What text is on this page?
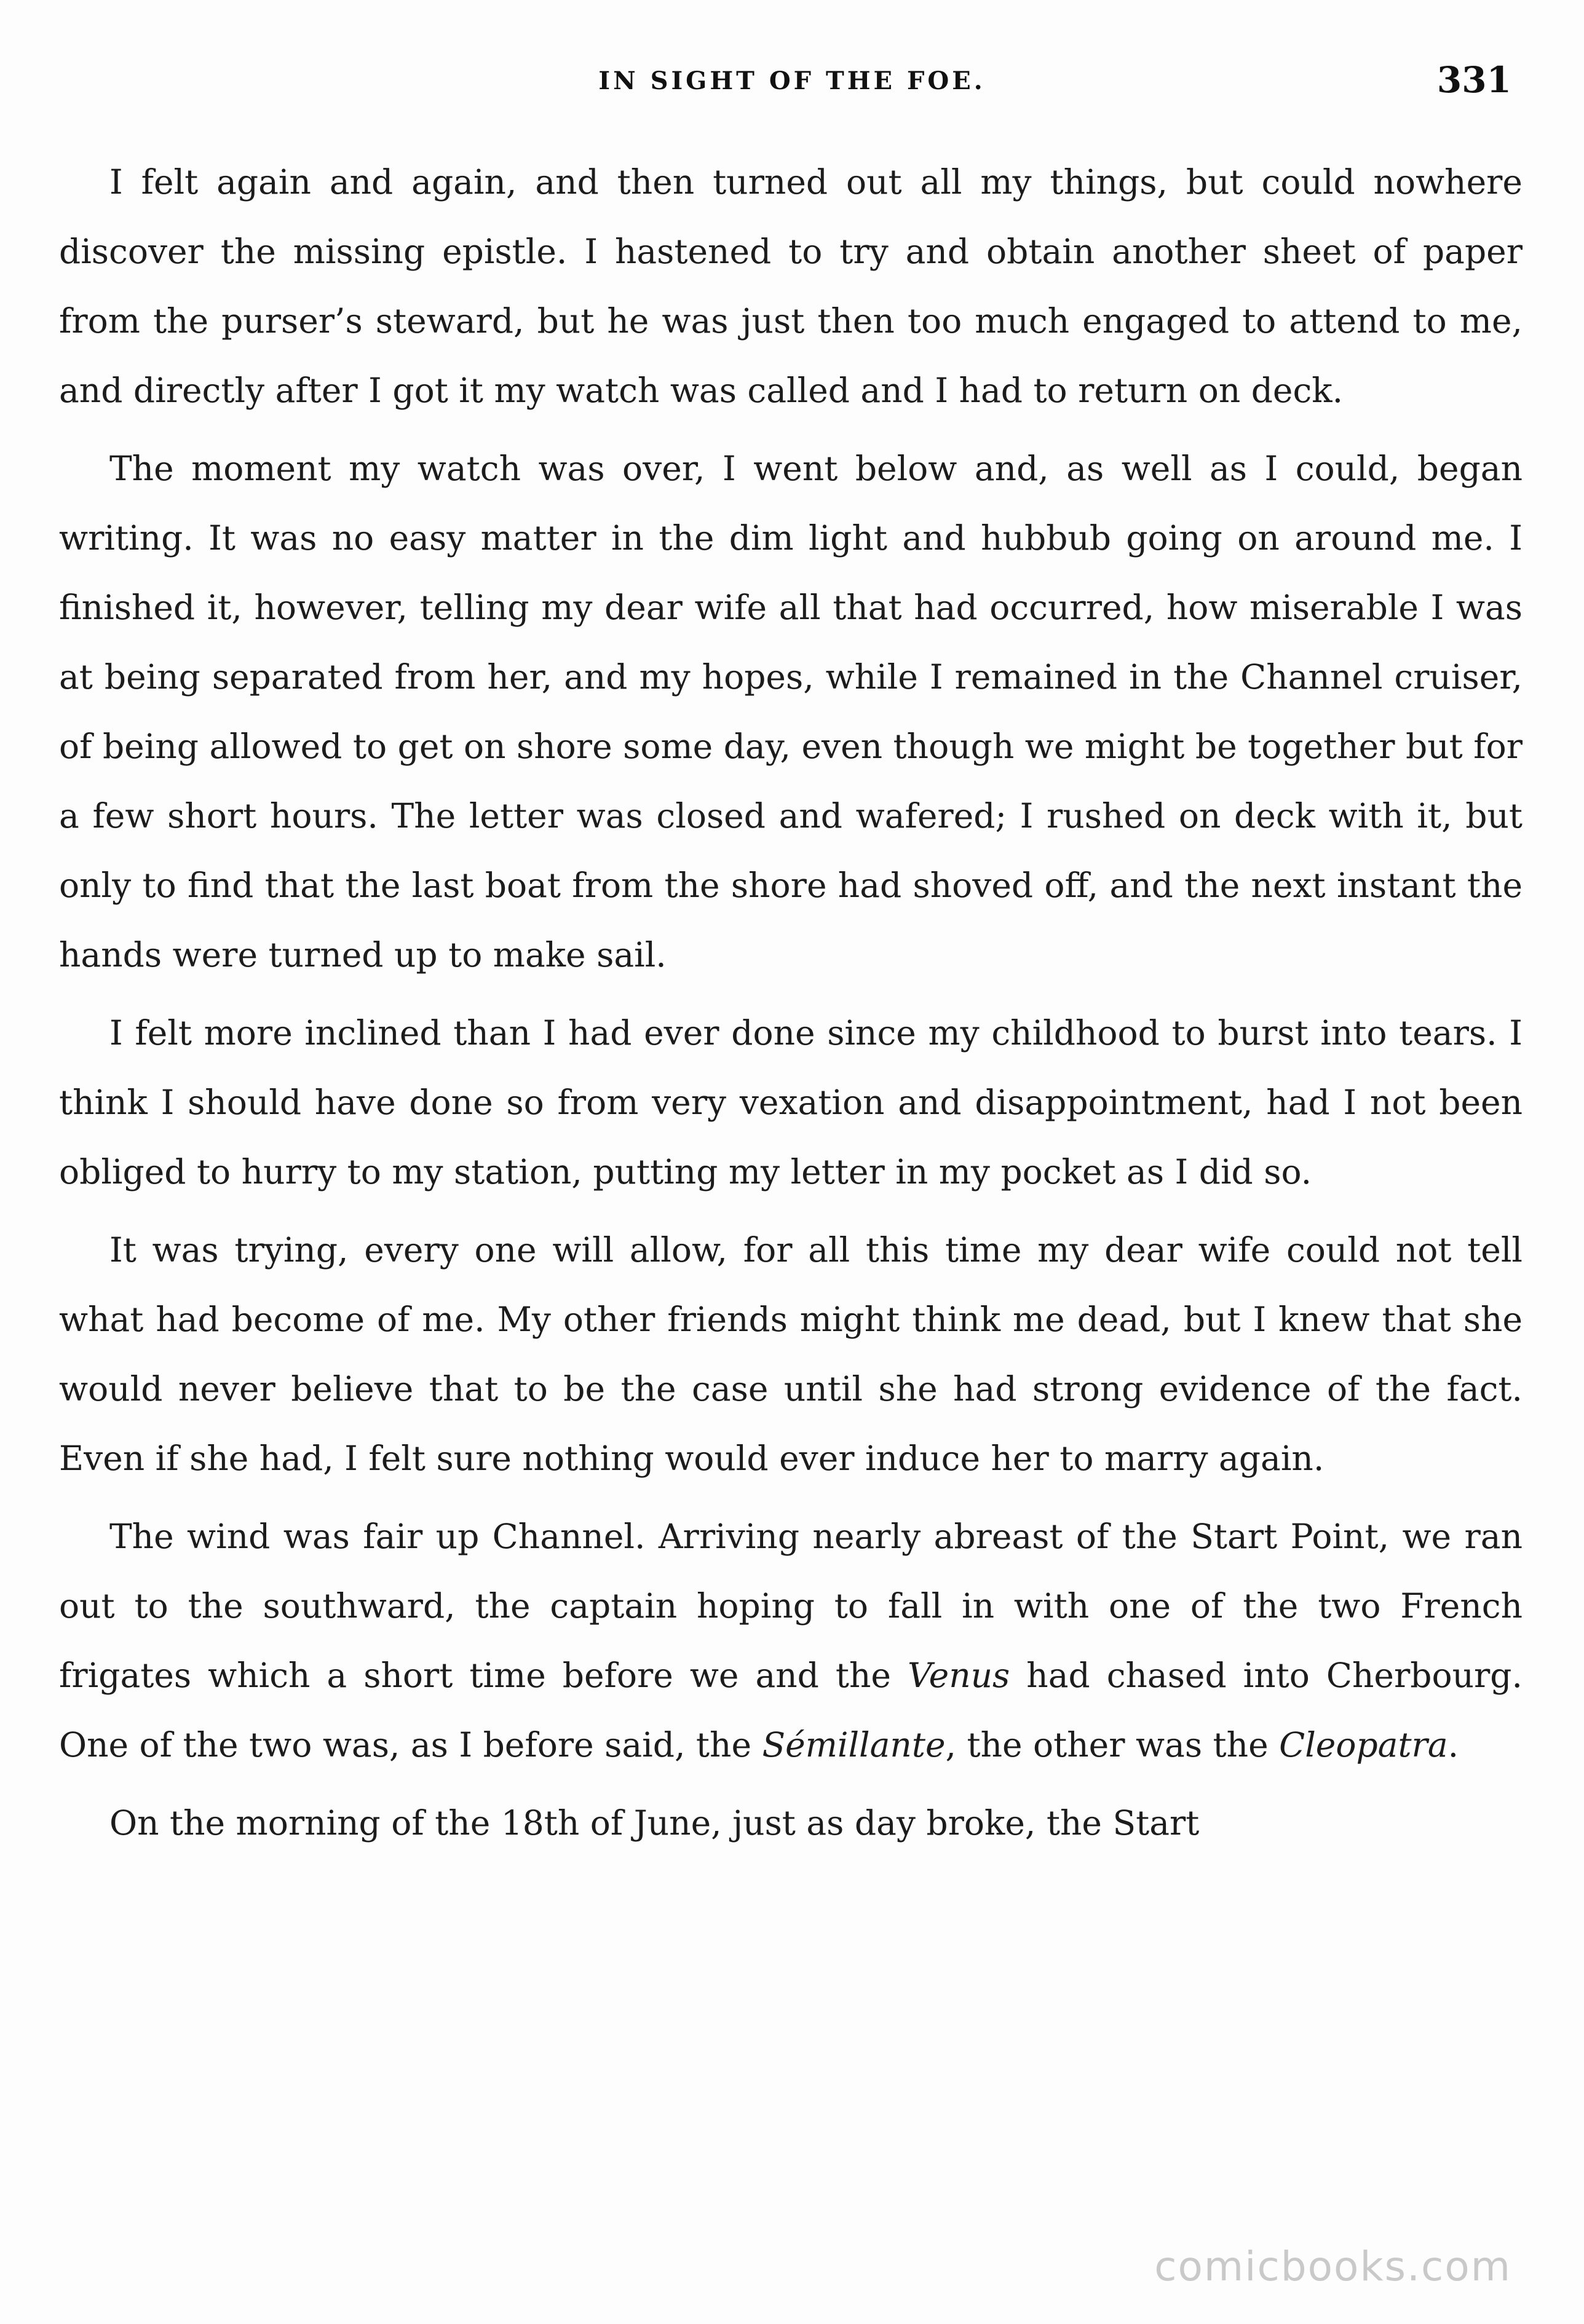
IN SIGHT OF THE FOE.	331

I felt again and again, and then turned out all my things, but could nowhere discover the missing epistle. I hastened to try and obtain another sheet of paper from the purser’s steward, but he was just then too much engaged to attend to me, and directly after I got it my watch was called and I had to return on deck.

The moment my watch was over, I went below and, as well as I could, began writing. It was no easy matter in the dim light and hubbub going on around me. I finished it, however, telling my dear wife all that had occurred, how miserable I was at being separated from her, and my hopes, while I remained in the Channel cruiser, of being allowed to get on shore some day, even though we might be together but for a few short hours. The letter was closed and wafered; I rushed on deck with it, but only to find that the last boat from the shore had shoved off, and the next instant the hands were turned up to make sail.

I felt more inclined than I had ever done since my childhood to burst into tears. I think I should have done so from very vexation and disappointment, had I not been obliged to hurry to my station, putting my letter in my pocket as I did so.

It was trying, every one will allow, for all this time my dear wife could not tell what had become of me. My other friends might think me dead, but I knew that she would never believe that to be the case until she had strong evidence of the fact. Even if she had, I felt sure nothing would ever induce her to marry again.

The wind was fair up Channel. Arriving nearly abreast of the Start Point, we ran out to the southward, the captain hoping to fall in with one of the two French frigates which a short time before we and the Venus had chased into Cherbourg. One of the two was, as I before said, the Sémillante, the other was the Cleopatra.

On the morning of the 18th of June, just as day broke, the Start

comicbooks.com
